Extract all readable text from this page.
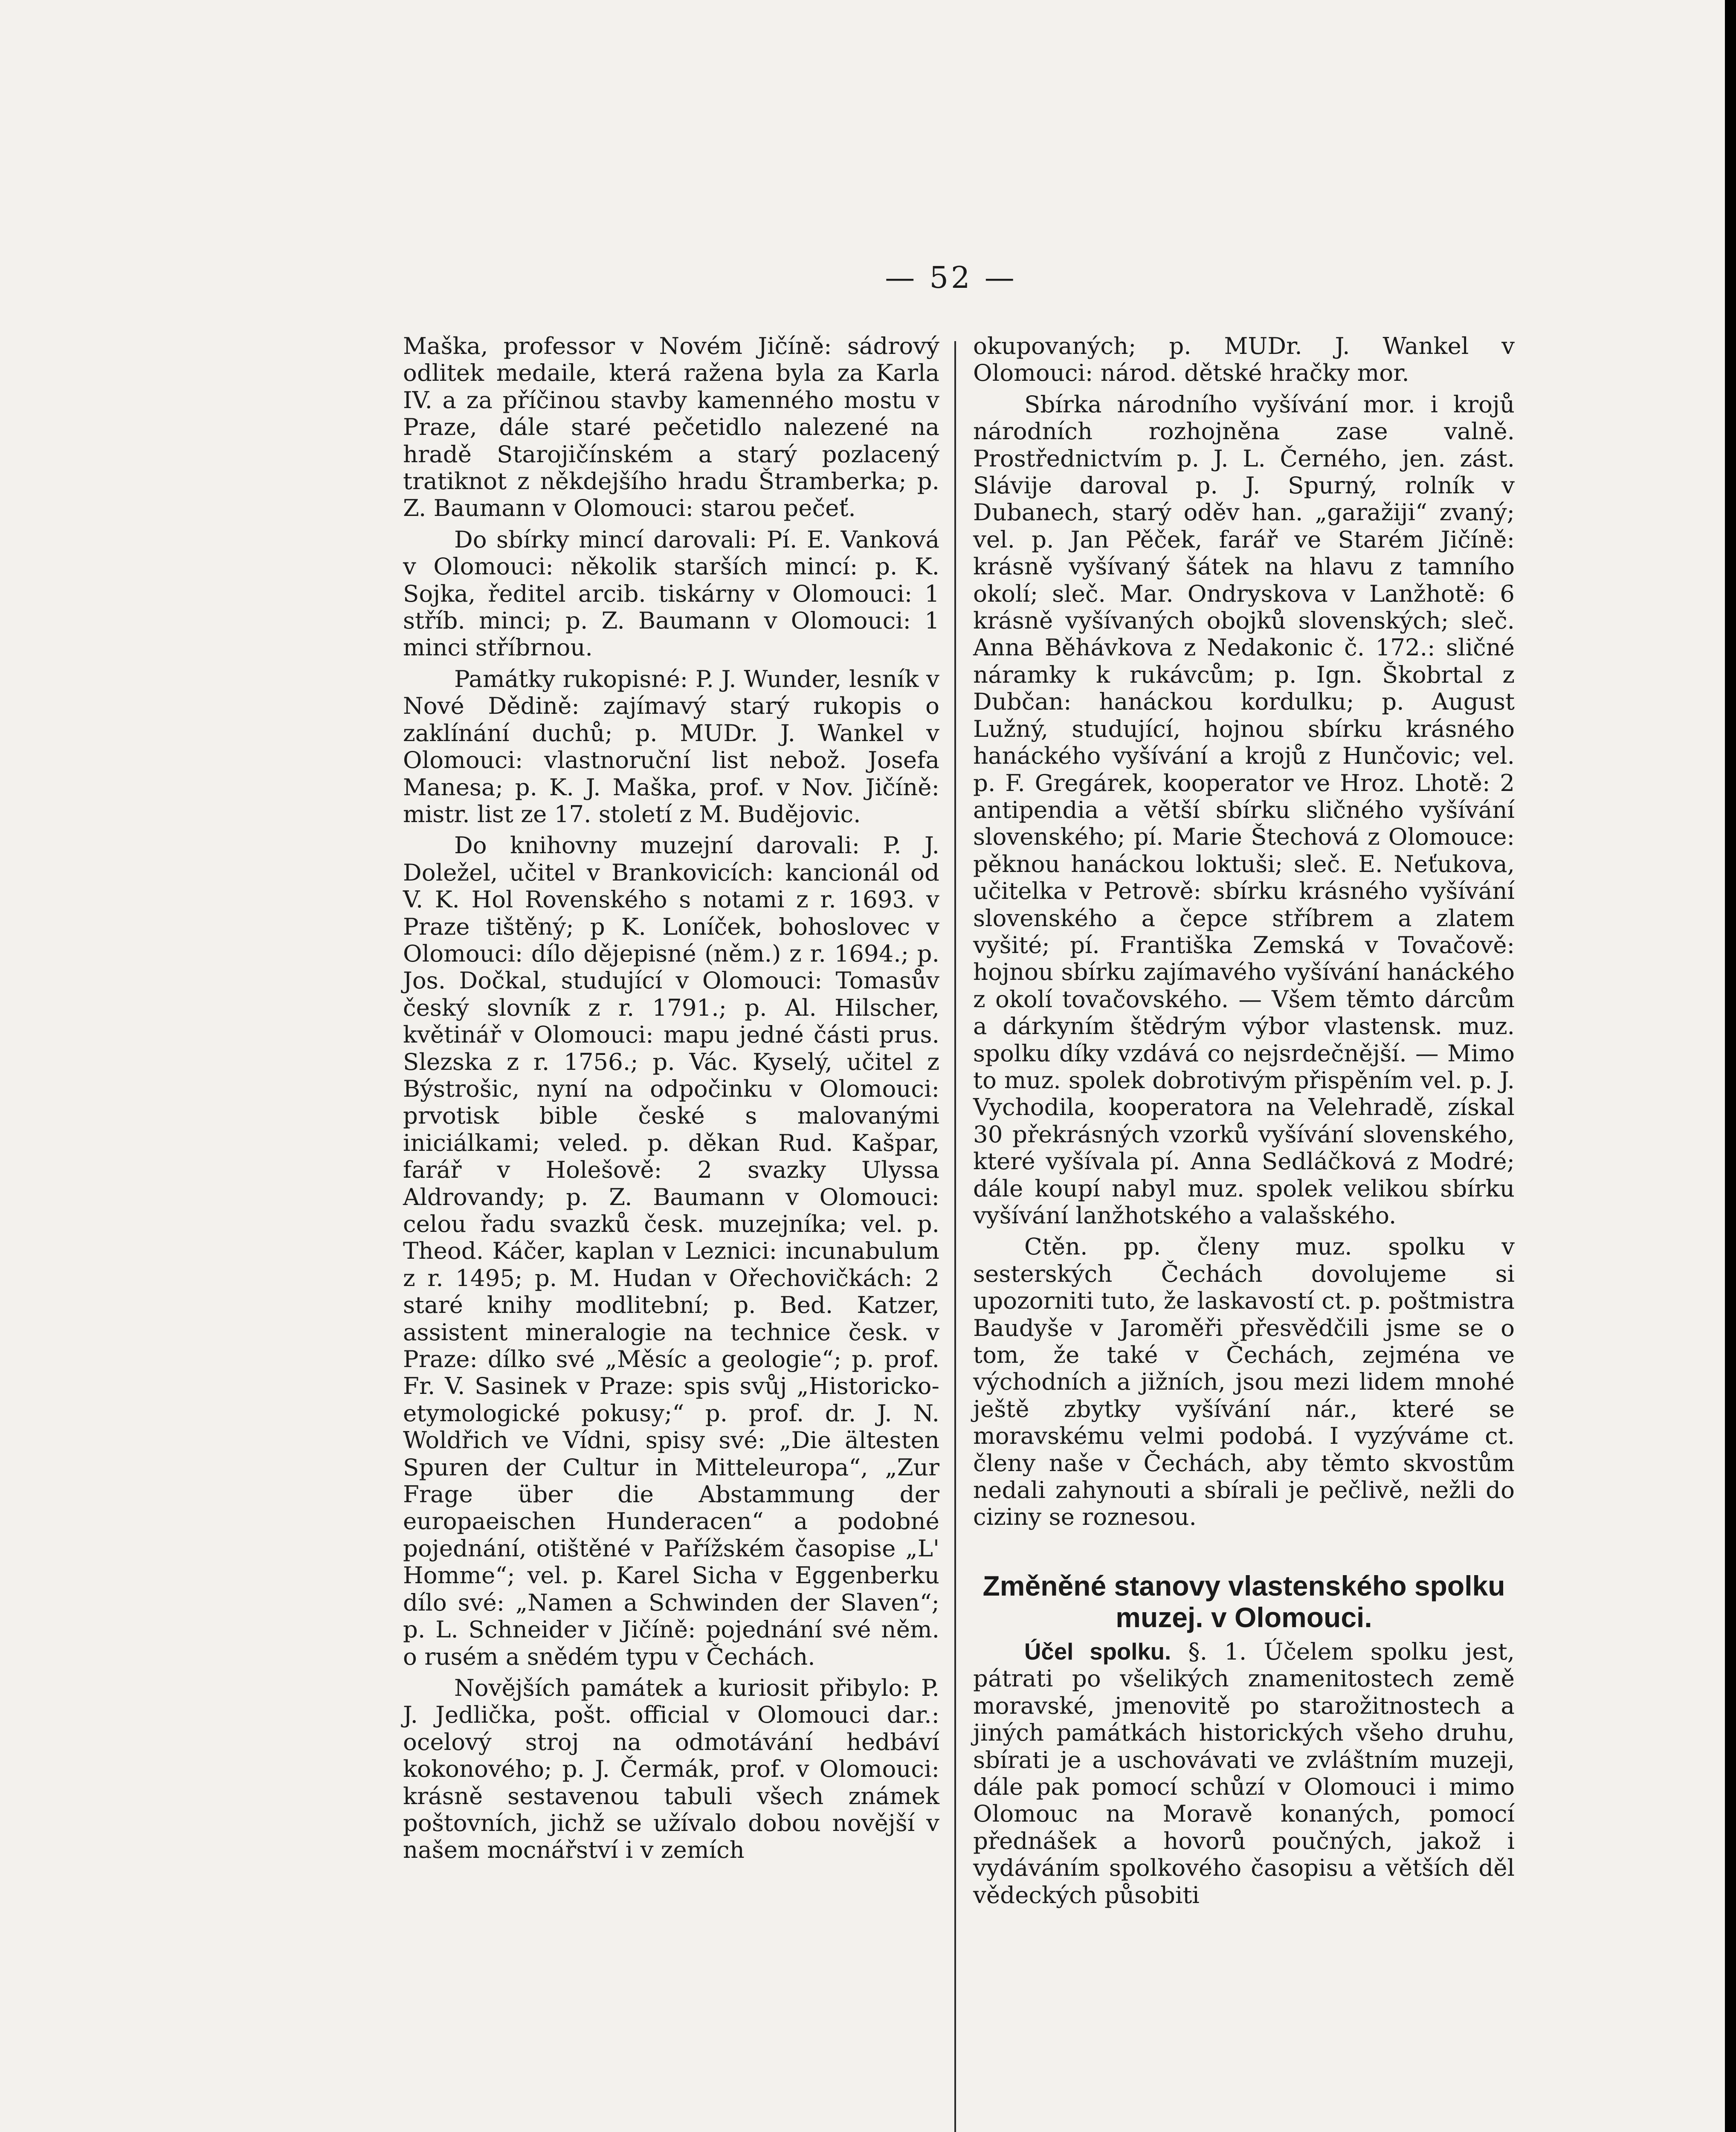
— 52 —

Maška, professor v Novém Jičíně: sádrový odlitek medaile, která ražena byla za Karla IV. a za příčinou stavby kamenného mostu v Praze, dále staré pečetidlo nalezené na hradě Starojičínském a starý pozlacený tratiknot z někdejšího hradu Štramberka; p. Z. Baumann v Olomouci: starou pečeť.

Do sbírky mincí darovali: Pí. E. Vanková v Olomouci: několik starších mincí: p. K. Sojka, ředitel arcib. tiskárny v Olomouci: 1 stříb. minci; p. Z. Baumann v Olomouci: 1 minci stříbrnou.

Památky rukopisné: P. J. Wunder, lesník v Nové Dědině: zajímavý starý rukopis o zaklínání duchů; p. MUDr. J. Wankel v Olomouci: vlastnoruční list nebož. Josefa Manesa; p. K. J. Maška, prof. v Nov. Jičíně: mistr. list ze 17. století z M. Budějovic.

Do knihovny muzejní darovali: P. J. Doležel, učitel v Brankovicích: kancionál od V. K. Hol Rovenského s notami z r. 1693. v Praze tištěný; p K. Loníček, bohoslovec v Olomouci: dílo dějepisné (něm.) z r. 1694.; p. Jos. Dočkal, studující v Olomouci: Tomasův český slovník z r. 1791.; p. Al. Hilscher, květinář v Olomouci: mapu jedné části prus. Slezska z r. 1756.; p. Vác. Kyselý, učitel z Býstrošic, nyní na odpočinku v Olomouci: prvotisk bible české s malovanými iniciálkami; veled. p. děkan Rud. Kašpar, farář v Holešově: 2 svazky Ulyssa Aldrovandy; p. Z. Baumann v Olomouci: celou řadu svazků česk. muzejníka; vel. p. Theod. Káčer, kaplan v Leznici: incunabulum z r. 1495; p. M. Hudan v Ořechovičkách: 2 staré knihy modlitební; p. Bed. Katzer, assistent mineralogie na technice česk. v Praze: dílko své „Měsíc a geologie“; p. prof. Fr. V. Sasinek v Praze: spis svůj „Historicko- etymologické pokusy;“ p. prof. dr. J. N. Woldřich ve Vídni, spisy své: „Die ältesten Spuren der Cultur in Mitteleuropa“, „Zur Frage über die Abstammung der europaeischen Hunderacen“ a podobné pojednání, otištěné v Pařížském časopise „L' Homme“; vel. p. Karel Sicha v Eggenberku dílo své: „Namen a Schwinden der Slaven“; p. L. Schneider v Jičíně: pojednání své něm. o rusém a snědém typu v Čechách.

Novějších památek a kuriosit přibylo: P. J. Jedlička, pošt. official v Olomouci dar.: ocelový stroj na odmotávání hedbáví kokonového; p. J. Čermák, prof. v Olomouci: krásně sestavenou tabuli všech známek poštovních, jichž se užívalo dobou novější v našem mocnářství i v zemích

okupovaných; p. MUDr. J. Wankel v Olomouci: národ. dětské hračky mor.

Sbírka národního vyšívání mor. i krojů národních rozhojněna zase valně. Prostřednictvím p. J. L. Černého, jen. zást. Slávije daroval p. J. Spurný, rolník v Dubanech, starý oděv han. „garažiji“ zvaný; vel. p. Jan Pěček, farář ve Starém Jičíně: krásně vyšívaný šátek na hlavu z tamního okolí; sleč. Mar. Ondryskova v Lanžhotě: 6 krásně vyšívaných obojků slovenských; sleč. Anna Běhávkova z Nedakonic č. 172.: sličné náramky k rukávcům; p. Ign. Škobrtal z Dubčan: hanáckou kordulku; p. August Lužný, studující, hojnou sbírku krásného hanáckého vyšívání a krojů z Hunčovic; vel. p. F. Gregárek, kooperator ve Hroz. Lhotě: 2 antipendia a větší sbírku sličného vyšívání slovenského; pí. Marie Štechová z Olomouce: pěknou hanáckou loktuši; sleč. E. Neťukova, učitelka v Petrově: sbírku krásného vyšívání slovenského a čepce stříbrem a zlatem vyšité; pí. Františka Zemská v Tovačově: hojnou sbírku zajímavého vyšívání hanáckého z okolí tovačovského. — Všem těmto dárcům a dárkyním štědrým výbor vlastensk. muz. spolku díky vzdává co nejsrdečnější. — Mimo to muz. spolek dobrotivým přispěním vel. p. J. Vychodila, kooperatora na Velehradě, získal 30 překrásných vzorků vyšívání slovenského, které vyšívala pí. Anna Sedláčková z Modré; dále koupí nabyl muz. spolek velikou sbírku vyšívání lanžhotského a valašského.

Ctěn. pp. členy muz. spolku v sesterských Čechách dovolujeme si upozorniti tuto, že laskavostí ct. p. poštmistra Baudyše v Jaroměři přesvědčili jsme se o tom, že také v Čechách, zejména ve východních a jižních, jsou mezi lidem mnohé ještě zbytky vyšívání nár., které se moravskému velmi podobá. I vyzýváme ct. členy naše v Čechách, aby těmto skvostům nedali zahynouti a sbírali je pečlivě, nežli do ciziny se roznesou.

Změněné stanovy vlastenského spolku muzej. v Olomouci.

Účel spolku. §. 1. Účelem spolku jest, pátrati po všelikých znamenitostech země moravské, jmenovitě po starožitnostech a jiných památkách historických všeho druhu, sbírati je a uschovávati ve zvláštním muzeji, dále pak pomocí schůzí v Olomouci i mimo Olomouc na Moravě konaných, pomocí přednášek a hovorů poučných, jakož i vydáváním spolkového časopisu a větších děl vědeckých působiti
